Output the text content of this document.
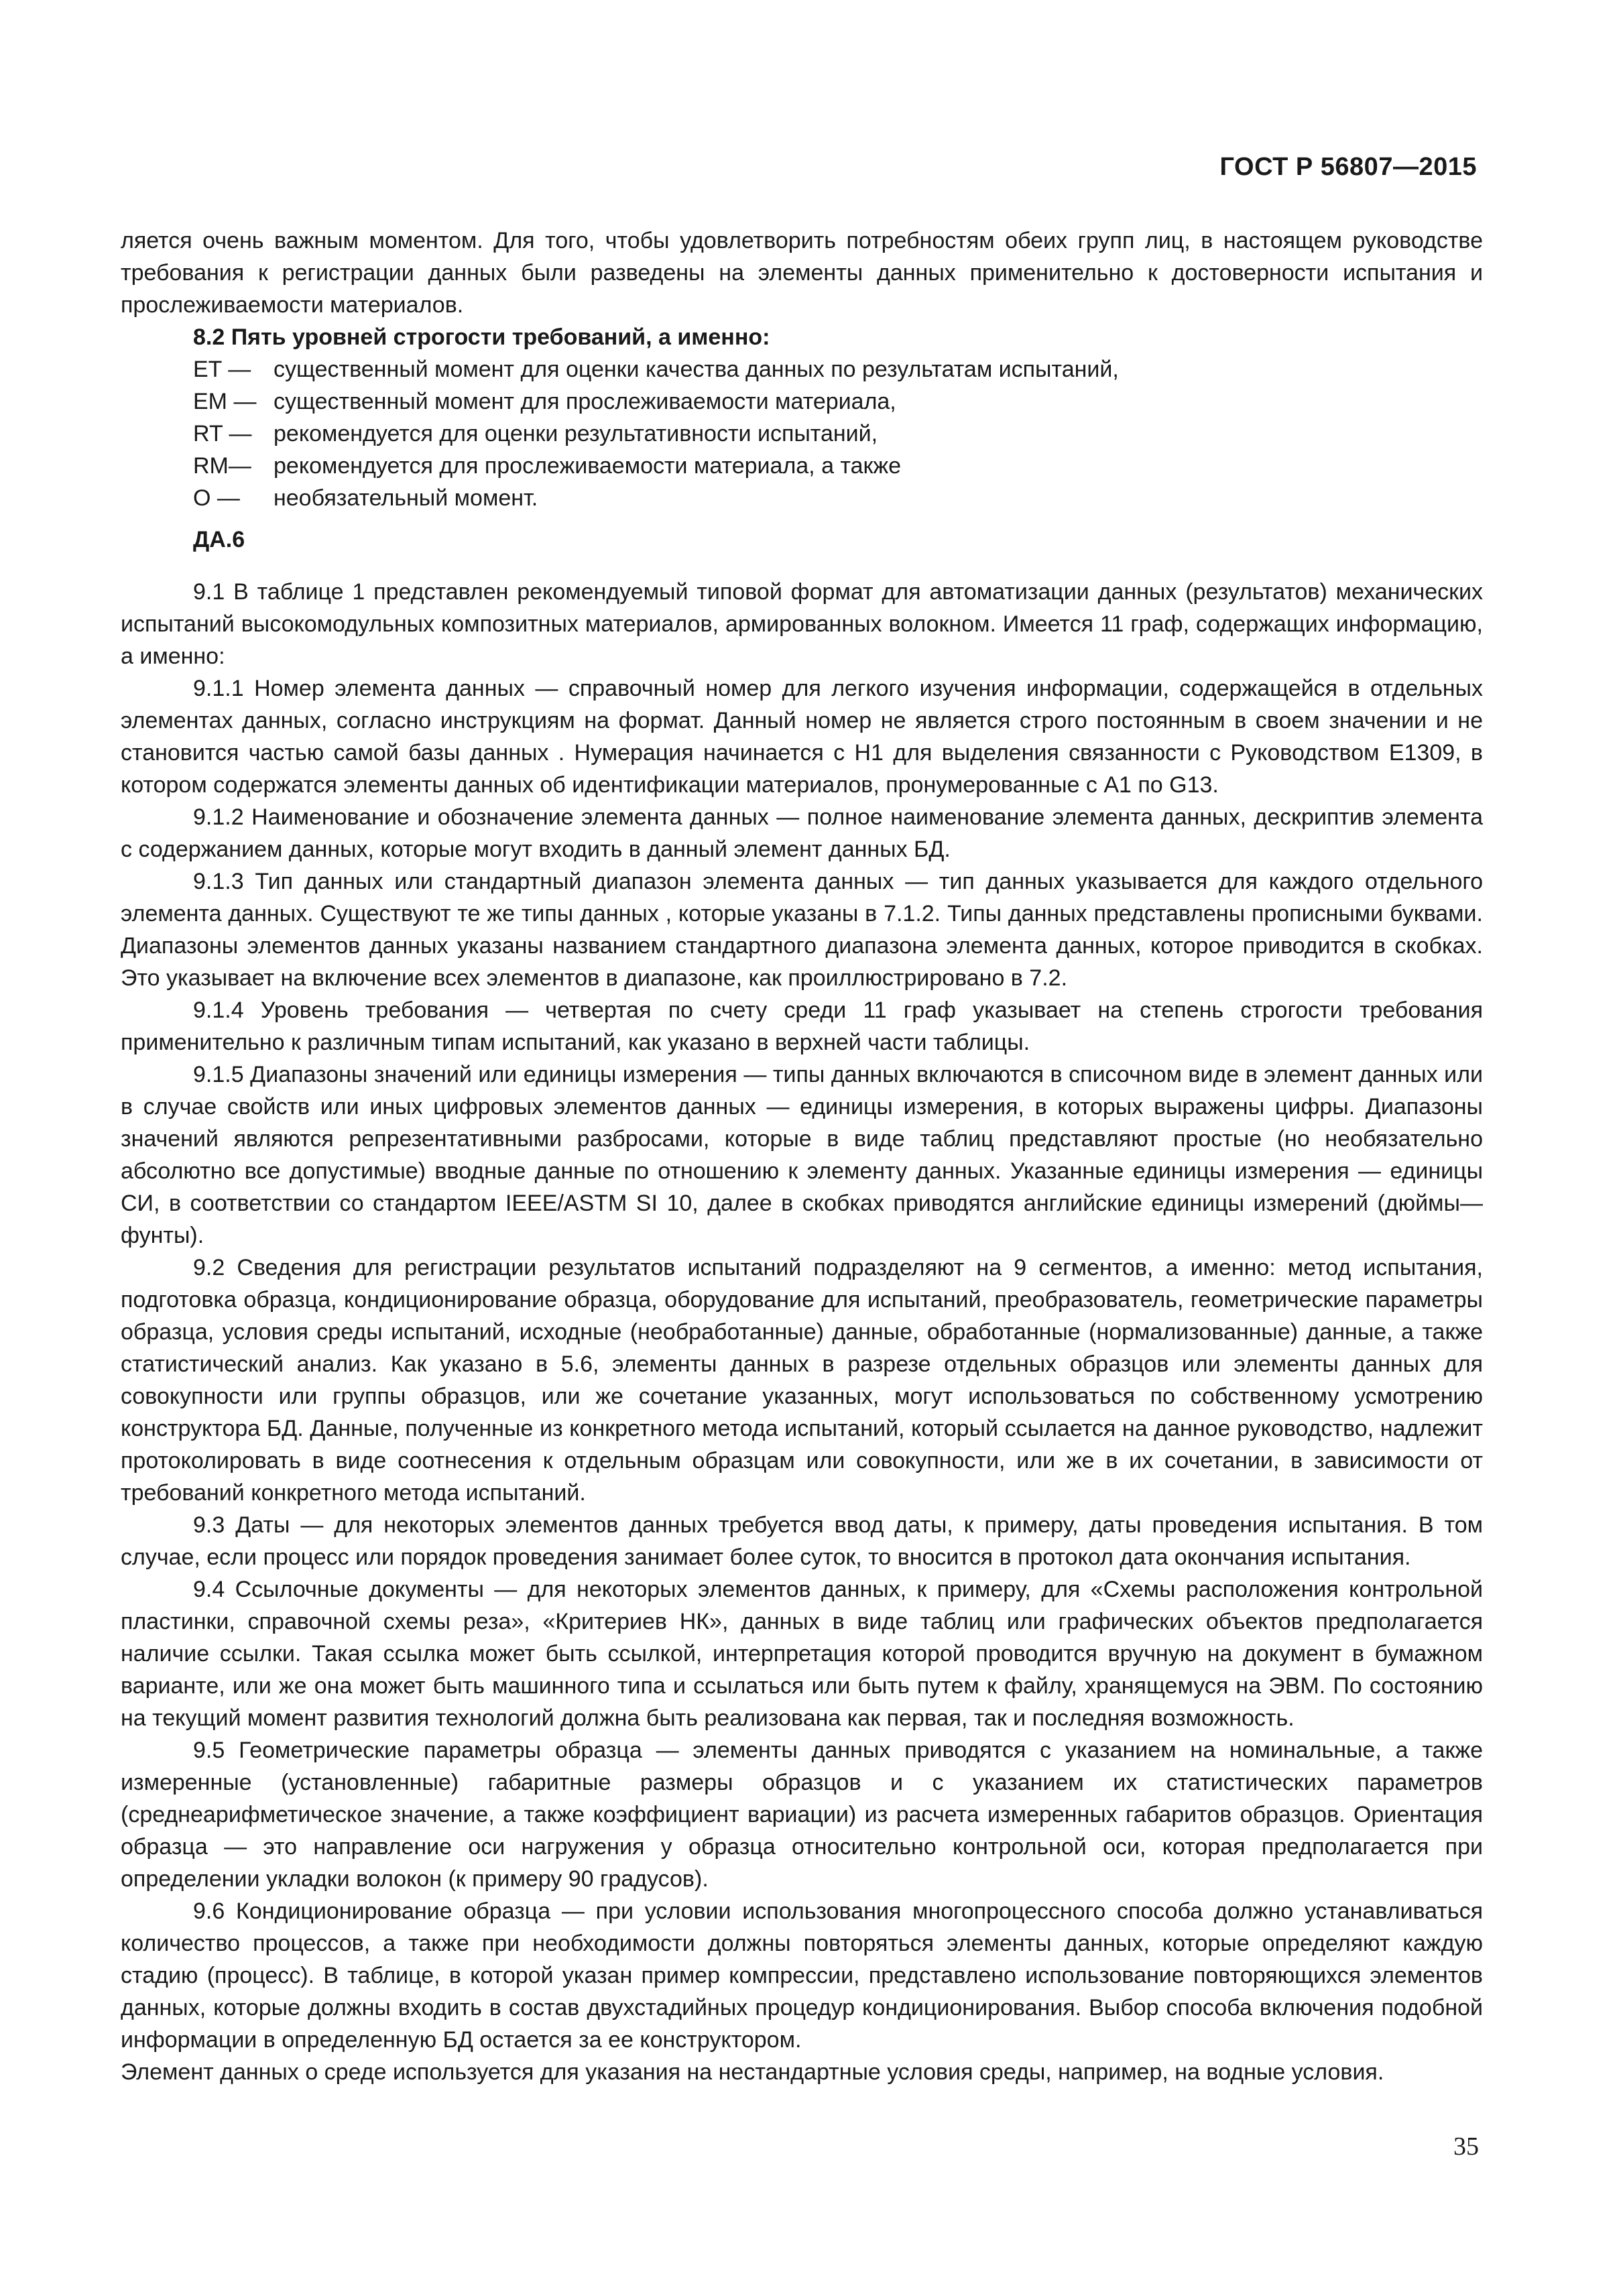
ГОСТ Р 56807—2015

ляется очень важным моментом. Для того, чтобы удовлетворить потребностям обеих групп лиц, в настоящем руководстве требования к регистрации данных были разведены на элементы данных применительно к достоверности испытания и прослеживаемости материалов.

8.2 Пять уровней строгости требований, а именно:

ET — существенный момент для оценки качества данных по результатам испытаний,
EM — существенный момент для прослеживаемости материала,
RT — рекомендуется для оценки результативности испытаний,
RM— рекомендуется для прослеживаемости материала, а также
O —	необязательный момент.

ДА.6

9.1 В таблице 1 представлен рекомендуемый типовой формат для автоматизации данных (результатов) механических испытаний высокомодульных композитных материалов, армированных волокном. Имеется 11 граф, содержащих информацию, а именно:

9.1.1 Номер элемента данных — справочный номер для легкого изучения информации, содержащейся в отдельных элементах данных, согласно инструкциям на формат. Данный номер не является строго постоянным в своем значении и не становится частью самой базы данных . Нумерация начинается с H1 для выделения связанности с Руководством E1309, в котором содержатся элементы данных об идентификации материалов, пронумерованные с A1 по G13.

9.1.2 Наименование и обозначение элемента данных — полное наименование элемента данных, дескриптив элемента с содержанием данных, которые могут входить в данный элемент данных БД.

9.1.3 Тип данных или стандартный диапазон элемента данных — тип данных указывается для каждого отдельного элемента данных. Существуют те же типы данных , которые указаны в 7.1.2. Типы данных представлены прописными буквами. Диапазоны элементов данных указаны названием стандартного диапазона элемента данных, которое приводится в скобках. Это указывает на включение всех элементов в диапазоне, как проиллюстрировано в 7.2.

9.1.4 Уровень требования — четвертая по счету среди 11 граф указывает на степень строгости требования применительно к различным типам испытаний, как указано в верхней части таблицы.

9.1.5 Диапазоны значений или единицы измерения — типы данных включаются в списочном виде в элемент данных или в случае свойств или иных цифровых элементов данных — единицы измерения, в которых выражены цифры. Диапазоны значений являются репрезентативными разбросами, которые в виде таблиц представляют простые (но необязательно абсолютно все допустимые) вводные данные по отношению к элементу данных. Указанные единицы измерения — единицы СИ, в соответствии со стандартом IEEE/ASTM SI 10, далее в скобках приводятся английские единицы измерений (дюймы—фунты).

9.2 Сведения для регистрации результатов испытаний подразделяют на 9 сегментов, а именно: метод испытания, подготовка образца, кондиционирование образца, оборудование для испытаний, преобразователь, геометрические параметры образца, условия среды испытаний, исходные (необработанные) данные, обработанные (нормализованные) данные, а также статистический анализ. Как указано в 5.6, элементы данных в разрезе отдельных образцов или элементы данных для совокупности или группы образцов, или же сочетание указанных, могут использоваться по собственному усмотрению конструктора БД. Данные, полученные из конкретного метода испытаний, который ссылается на данное руководство, надлежит протоколировать в виде соотнесения к отдельным образцам или совокупности, или же в их сочетании, в зависимости от требований конкретного метода испытаний.

9.3 Даты — для некоторых элементов данных требуется ввод даты, к примеру, даты проведения испытания. В том случае, если процесс или порядок проведения занимает более суток, то вносится в протокол дата окончания испытания.

9.4 Ссылочные документы — для некоторых элементов данных, к примеру, для «Схемы расположения контрольной пластинки, справочной схемы реза», «Критериев НК», данных в виде таблиц или графических объектов предполагается наличие ссылки. Такая ссылка может быть ссылкой, интерпретация которой проводится вручную на документ в бумажном варианте, или же она может быть машинного типа и ссылаться или быть путем к файлу, хранящемуся на ЭВМ. По состоянию на текущий момент развития технологий должна быть реализована как первая, так и последняя возможность.

9.5 Геометрические параметры образца — элементы данных приводятся с указанием на номинальные, а также измеренные (установленные) габаритные размеры образцов и с указанием их статистических параметров (среднеарифметическое значение, а также коэффициент вариации) из расчета измеренных габаритов образцов. Ориентация образца — это направление оси нагружения у образца относительно контрольной оси, которая предполагается при определении укладки волокон (к примеру 90 градусов).

9.6 Кондиционирование образца — при условии использования многопроцессного способа должно устанавливаться количество процессов, а также при необходимости должны повторяться элементы данных, которые определяют каждую стадию (процесс). В таблице, в которой указан пример компрессии, представлено использование повторяющихся элементов данных, которые должны входить в состав двухстадийных процедур кондиционирования. Выбор способа включения подобной информации в определенную БД остается за ее конструктором.

Элемент данных о среде используется для указания на нестандартные условия среды, например, на водные условия.

35
